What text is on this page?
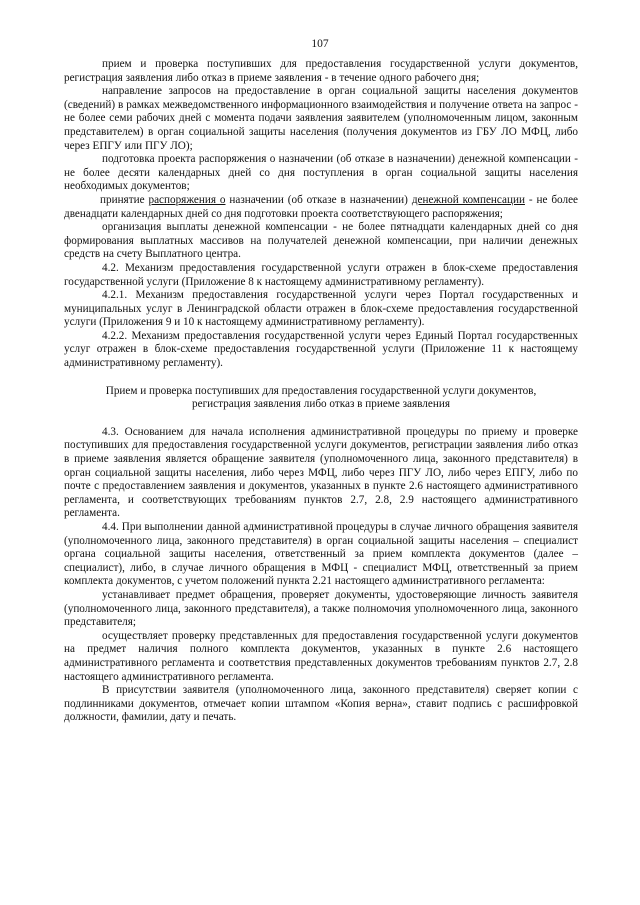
107

прием и проверка поступивших для предоставления государственной услуги документов, регистрация заявления либо отказ в приеме заявления - в течение одного рабочего дня;

направление запросов на предоставление в орган социальной защиты населения документов (сведений) в рамках межведомственного информационного взаимодействия и получение ответа на запрос - не более семи рабочих дней с момента подачи заявления заявителем (уполномоченным лицом, законным представителем) в орган социальной защиты населения (получения документов из ГБУ ЛО МФЦ, либо через ЕПГУ или ПГУ ЛО);

подготовка проекта распоряжения о назначении (об отказе в назначении) денежной компенсации - не более десяти календарных дней со дня поступления в орган социальной защиты населения необходимых документов;

принятие распоряжения о назначении (об отказе в назначении) денежной компенсации - не более двенадцати календарных дней со дня подготовки проекта соответствующего распоряжения;

организация выплаты денежной компенсации - не более пятнадцати календарных дней со дня формирования выплатных массивов на получателей денежной компенсации, при наличии денежных средств на счету Выплатного центра.

4.2. Механизм предоставления государственной услуги отражен в блок-схеме предоставления государственной услуги (Приложение 8 к настоящему административному регламенту).

4.2.1. Механизм предоставления государственной услуги через Портал государственных и муниципальных услуг в Ленинградской области отражен в блок-схеме предоставления государственной услуги (Приложения 9 и 10 к настоящему административному регламенту).

4.2.2. Механизм предоставления государственной услуги через Единый Портал государственных услуг отражен в блок-схеме предоставления государственной услуги (Приложение 11 к настоящему административному регламенту).

Прием и проверка поступивших для предоставления государственной услуги документов, регистрация заявления либо отказ в приеме заявления

4.3. Основанием для начала исполнения административной процедуры по приему и проверке поступивших для предоставления государственной услуги документов, регистрации заявления либо отказ в приеме заявления является обращение заявителя (уполномоченного лица, законного представителя) в орган социальной защиты населения, либо через МФЦ, либо через ПГУ ЛО, либо через ЕПГУ, либо по почте с предоставлением заявления и документов, указанных в пункте 2.6 настоящего административного регламента, и соответствующих требованиям пунктов 2.7, 2.8, 2.9 настоящего административного регламента.

4.4. При выполнении данной административной процедуры в случае личного обращения заявителя (уполномоченного лица, законного представителя) в орган социальной защиты населения – специалист органа социальной защиты населения, ответственный за прием комплекта документов (далее – специалист), либо, в случае личного обращения в МФЦ - специалист МФЦ, ответственный за прием комплекта документов, с учетом положений пункта 2.21 настоящего административного регламента:

устанавливает предмет обращения, проверяет документы, удостоверяющие личность заявителя (уполномоченного лица, законного представителя), а также полномочия уполномоченного лица, законного представителя;

осуществляет проверку представленных для предоставления государственной услуги документов на предмет наличия полного комплекта документов, указанных в пункте 2.6 настоящего административного регламента и соответствия представленных документов требованиям пунктов 2.7, 2.8 настоящего административного регламента.

В присутствии заявителя (уполномоченного лица, законного представителя) сверяет копии с подлинниками документов, отмечает копии штампом «Копия верна», ставит подпись с расшифровкой должности, фамилии, дату и печать.
